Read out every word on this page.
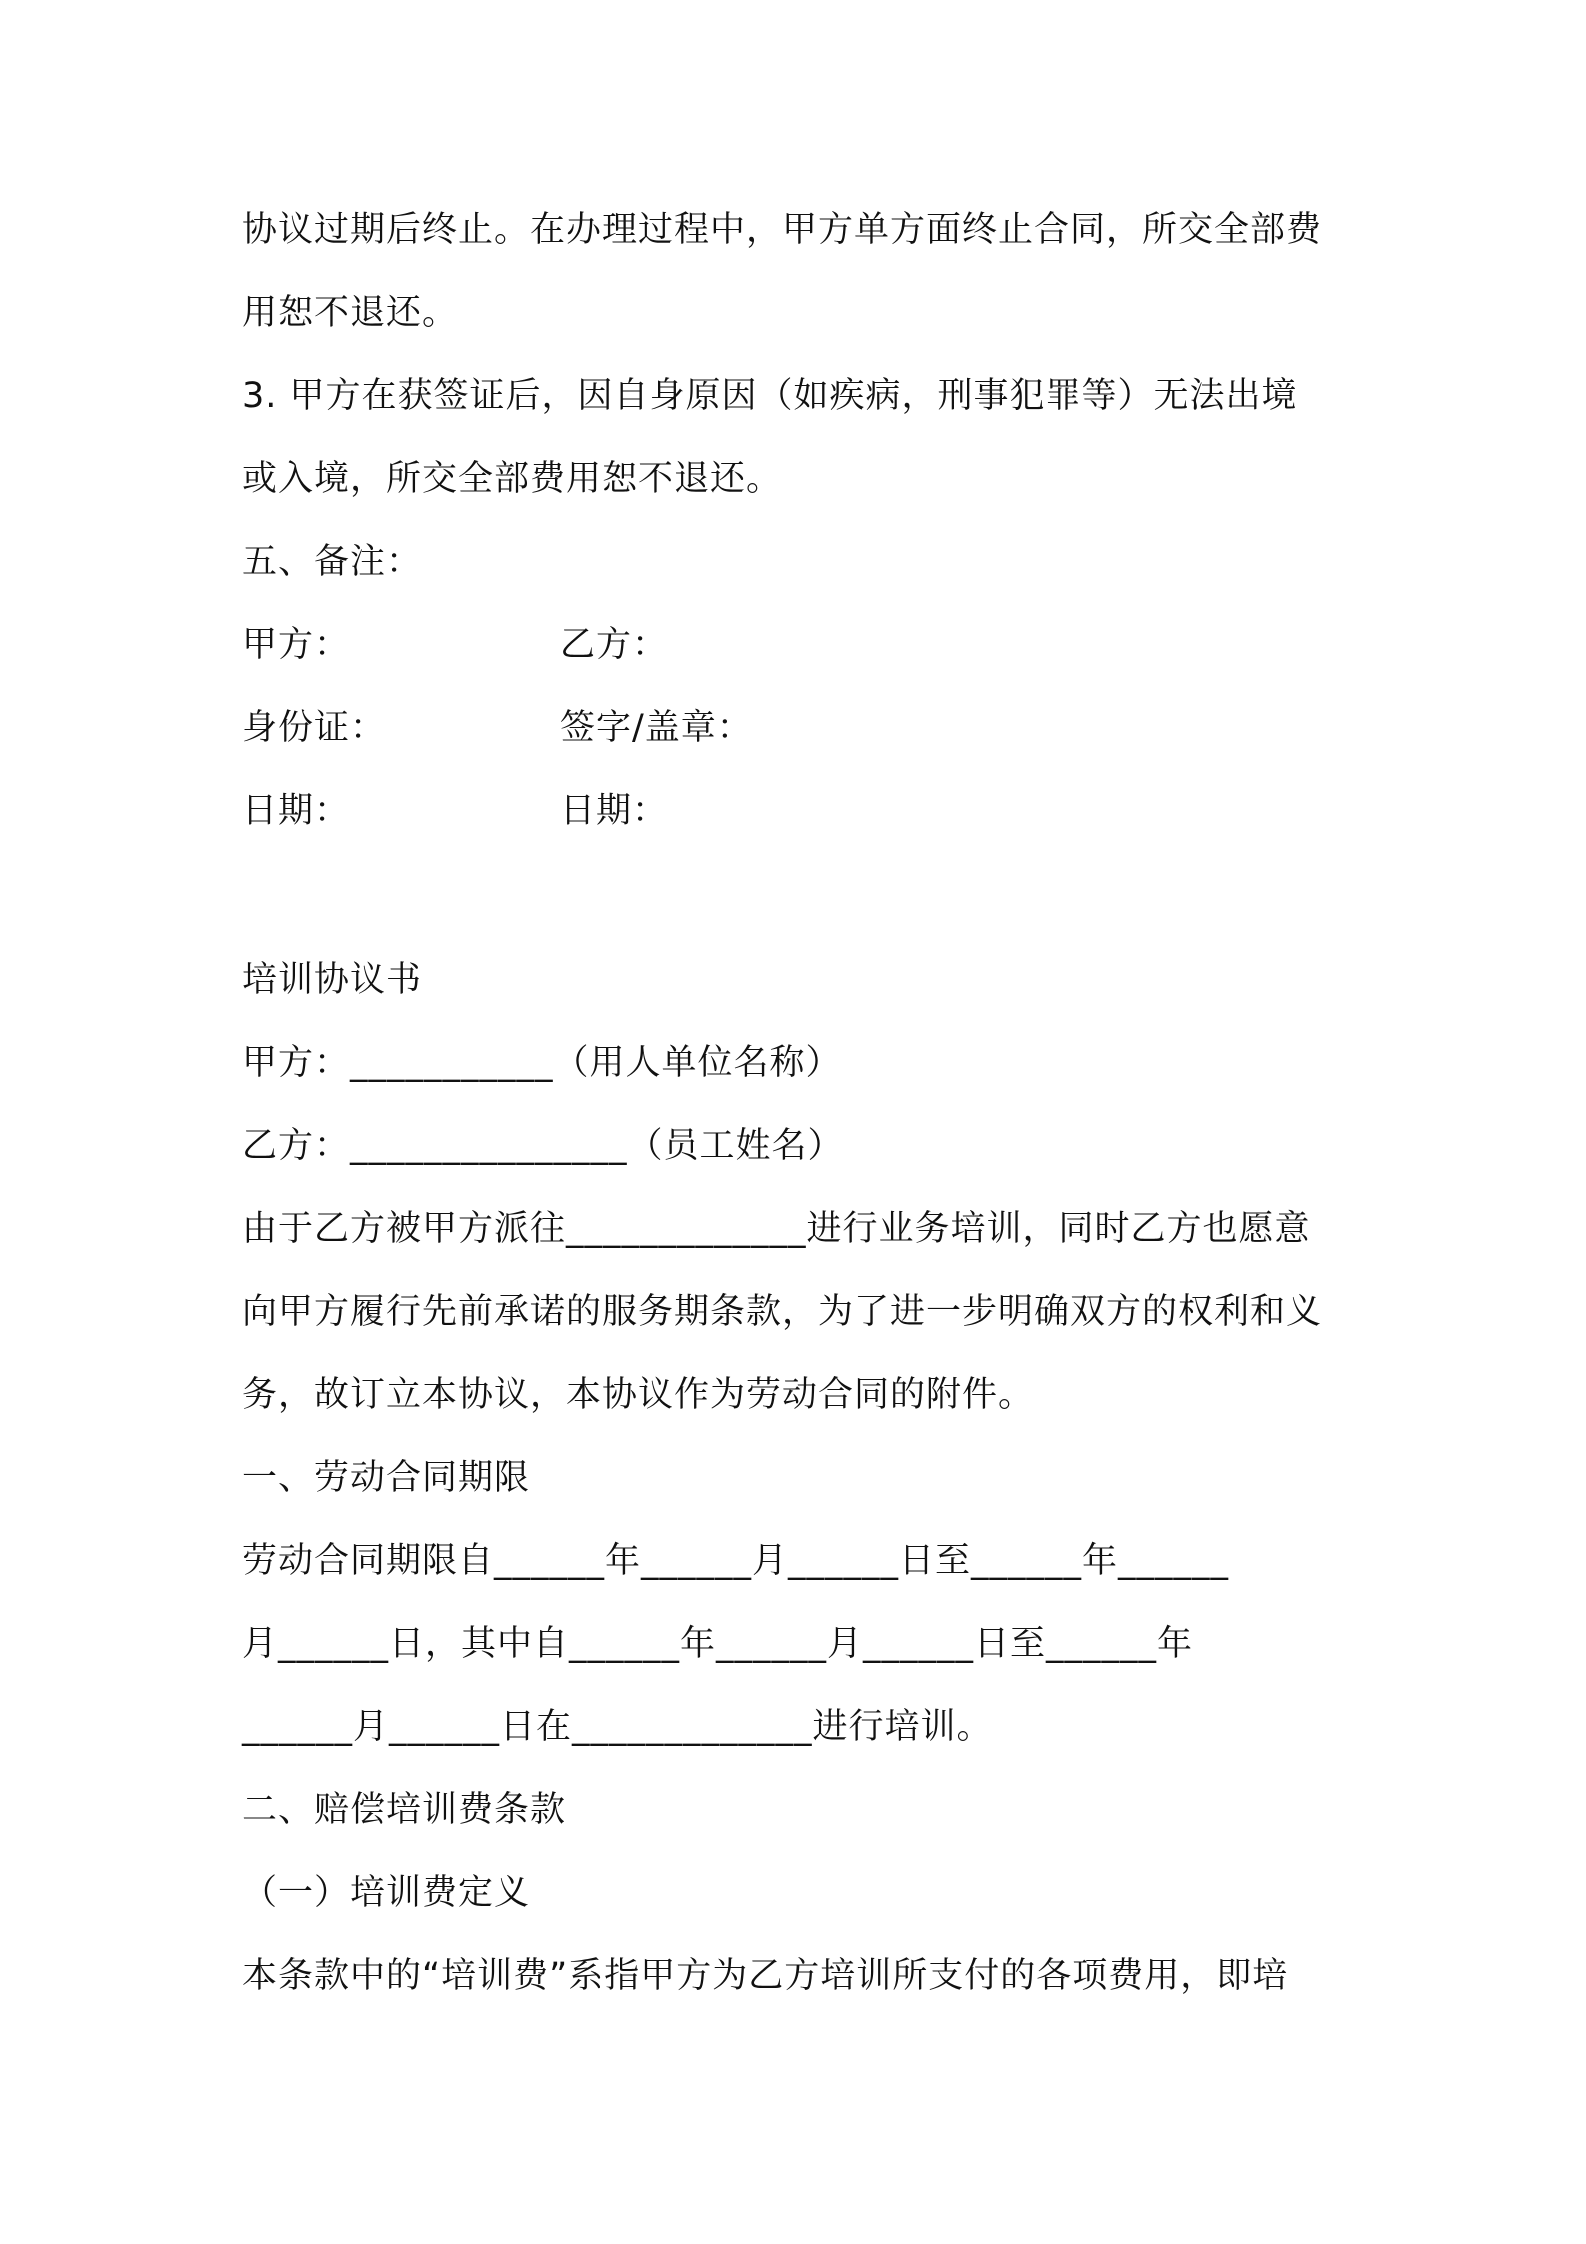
协议过期后终止。在办理过程中，甲方单方面终止合同，所交全部费
用恕不退还。
3. 甲方在获签证后，因自身原因（如疾病，刑事犯罪等）无法出境
或入境，所交全部费用恕不退还。
五、备注：
甲方：	乙方：
身份证：	签字/盖章：
日期：	日期：
培训协议书
甲方：___________（用人单位名称）
乙方：_______________（员工姓名）
由于乙方被甲方派往_____________进行业务培训，同时乙方也愿意
向甲方履行先前承诺的服务期条款，为了进一步明确双方的权利和义
务，故订立本协议，本协议作为劳动合同的附件。
一、劳动合同期限
劳动合同期限自______年______月______日至______年______
月______日，其中自______年______月______日至______年
______月______日在_____________进行培训。
二、赔偿培训费条款
（一）培训费定义
本条款中的“培训费”系指甲方为乙方培训所支付的各项费用，即培
